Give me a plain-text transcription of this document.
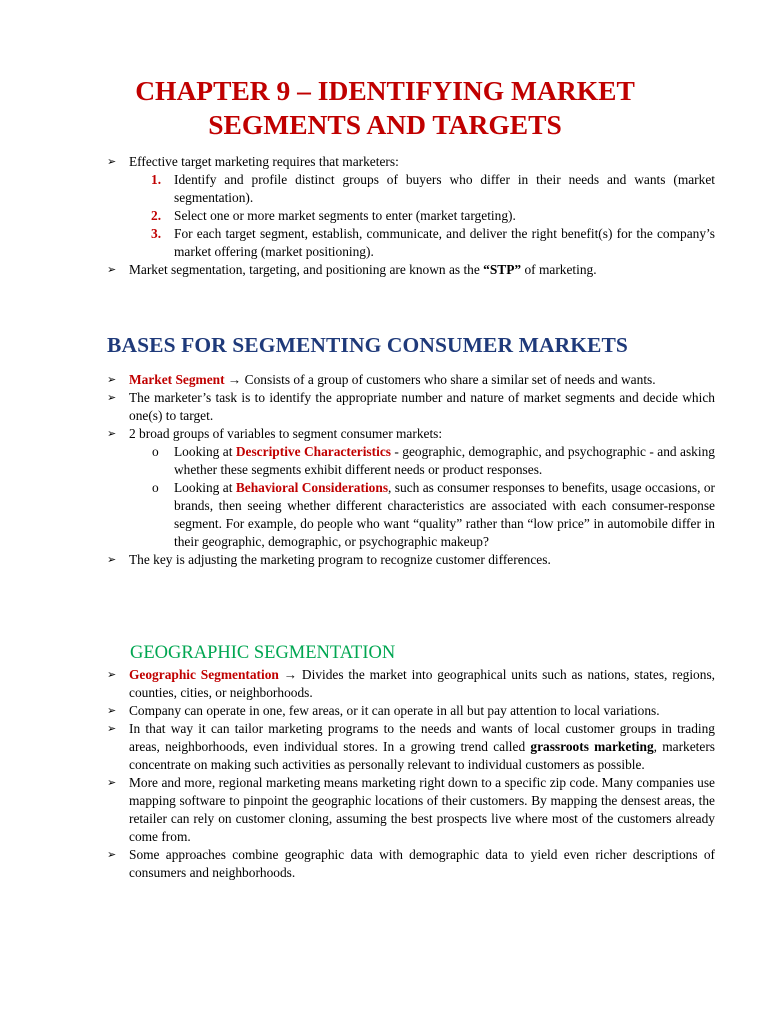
CHAPTER 9 – IDENTIFYING MARKET
SEGMENTS AND TARGETS
➢ Effective target marketing requires that marketers:
1. Identify and profile distinct groups of buyers who differ in their needs and wants (market segmentation).
2. Select one or more market segments to enter (market targeting).
3. For each target segment, establish, communicate, and deliver the right benefit(s) for the company’s market offering (market positioning).
➢ Market segmentation, targeting, and positioning are known as the “STP” of marketing.
BASES FOR SEGMENTING CONSUMER MARKETS
➢ Market Segment → Consists of a group of customers who share a similar set of needs and wants.
➢ The marketer’s task is to identify the appropriate number and nature of market segments and decide which one(s) to target.
➢ 2 broad groups of variables to segment consumer markets:
o Looking at Descriptive Characteristics - geographic, demographic, and psychographic - and asking whether these segments exhibit different needs or product responses.
o Looking at Behavioral Considerations, such as consumer responses to benefits, usage occasions, or brands, then seeing whether different characteristics are associated with each consumer-response segment. For example, do people who want “quality” rather than “low price” in automobile differ in their geographic, demographic, or psychographic makeup?
➢ The key is adjusting the marketing program to recognize customer differences.
GEOGRAPHIC SEGMENTATION
➢ Geographic Segmentation → Divides the market into geographical units such as nations, states, regions, counties, cities, or neighborhoods.
➢ Company can operate in one, few areas, or it can operate in all but pay attention to local variations.
➢ In that way it can tailor marketing programs to the needs and wants of local customer groups in trading areas, neighborhoods, even individual stores. In a growing trend called grassroots marketing, marketers concentrate on making such activities as personally relevant to individual customers as possible.
➢ More and more, regional marketing means marketing right down to a specific zip code. Many companies use mapping software to pinpoint the geographic locations of their customers. By mapping the densest areas, the retailer can rely on customer cloning, assuming the best prospects live where most of the customers already come from.
➢ Some approaches combine geographic data with demographic data to yield even richer descriptions of consumers and neighborhoods.
